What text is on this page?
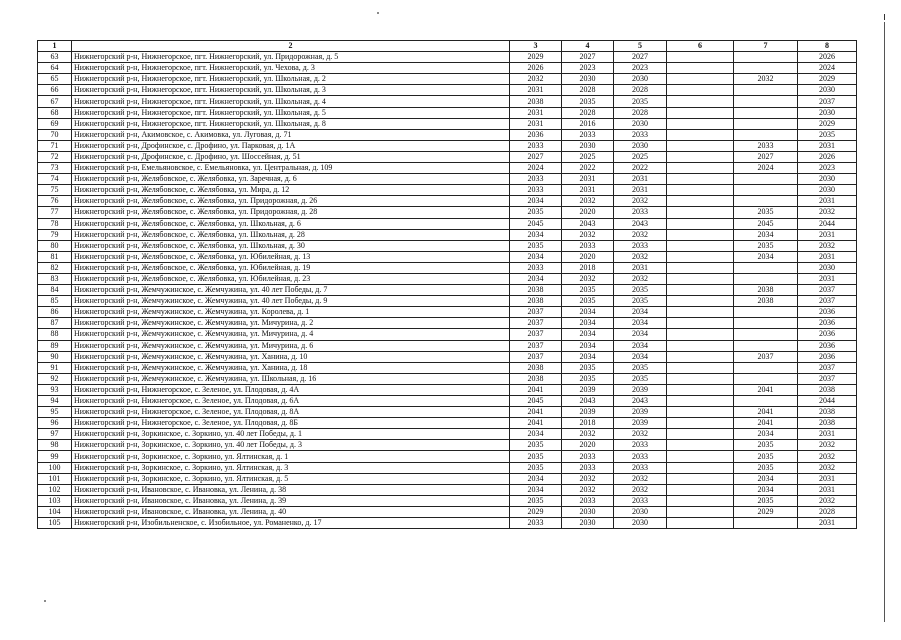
1	2	3	4	5	6	7	8
63	Нижнегорский р-н, Нижнегорское, пгт. Нижнегорский, ул. Придорожная, д. 5	2029	2027	2027			2026
64	Нижнегорский р-н, Нижнегорское, пгт. Нижнегорский, ул. Чехова, д. 3	2026	2023	2023			2024
65	Нижнегорский р-н, Нижнегорское, пгт. Нижнегорский, ул. Школьная, д. 2	2032	2030	2030		2032	2029
66	Нижнегорский р-н, Нижнегорское, пгт. Нижнегорский, ул. Школьная, д. 3	2031	2028	2028			2030
67	Нижнегорский р-н, Нижнегорское, пгт. Нижнегорский, ул. Школьная, д. 4	2038	2035	2035			2037
68	Нижнегорский р-н, Нижнегорское, пгт. Нижнегорский, ул. Школьная, д. 5	2031	2028	2028			2030
69	Нижнегорский р-н, Нижнегорское, пгт. Нижнегорский, ул. Школьная, д. 8	2031	2016	2030			2029
70	Нижнегорский р-н, Акимовское, с. Акимовка, ул. Луговая, д. 71	2036	2033	2033			2035
71	Нижнегорский р-н, Дрофинское, с. Дрофино, ул. Парковая, д. 1А	2033	2030	2030		2033	2031
72	Нижнегорский р-н, Дрофинское, с. Дрофино, ул. Шоссейная, д. 51	2027	2025	2025		2027	2026
73	Нижнегорский р-н, Емельяновское, с. Емельяновка, ул. Центральная, д. 109	2024	2022	2022		2024	2023
74	Нижнегорский р-н, Желябовское, с. Желябовка, ул. Заречная, д. 6	2033	2031	2031			2030
75	Нижнегорский р-н, Желябовское, с. Желябовка, ул. Мира, д. 12	2033	2031	2031			2030
76	Нижнегорский р-н, Желябовское, с. Желябовка, ул. Придорожная, д. 26	2034	2032	2032			2031
77	Нижнегорский р-н, Желябовское, с. Желябовка, ул. Придорожная, д. 28	2035	2020	2033		2035	2032
78	Нижнегорский р-н, Желябовское, с. Желябовка, ул. Школьная, д. 6	2045	2043	2043		2045	2044
79	Нижнегорский р-н, Желябовское, с. Желябовка, ул. Школьная, д. 28	2034	2032	2032		2034	2031
80	Нижнегорский р-н, Желябовское, с. Желябовка, ул. Школьная, д. 30	2035	2033	2033		2035	2032
81	Нижнегорский р-н, Желябовское, с. Желябовка, ул. Юбилейная, д. 13	2034	2020	2032		2034	2031
82	Нижнегорский р-н, Желябовское, с. Желябовка, ул. Юбилейная, д. 19	2033	2018	2031			2030
83	Нижнегорский р-н, Желябовское, с. Желябовка, ул. Юбилейная, д. 23	2034	2032	2032			2031
84	Нижнегорский р-н, Жемчужинское, с. Жемчужина, ул. 40 лет Победы, д. 7	2038	2035	2035		2038	2037
85	Нижнегорский р-н, Жемчужинское, с. Жемчужина, ул. 40 лет Победы, д. 9	2038	2035	2035		2038	2037
86	Нижнегорский р-н, Жемчужинское, с. Жемчужина, ул. Королева, д. 1	2037	2034	2034			2036
87	Нижнегорский р-н, Жемчужинское, с. Жемчужина, ул. Мичурина, д. 2	2037	2034	2034			2036
88	Нижнегорский р-н, Жемчужинское, с. Жемчужина, ул. Мичурина, д. 4	2037	2034	2034			2036
89	Нижнегорский р-н, Жемчужинское, с. Жемчужина, ул. Мичурина, д. 6	2037	2034	2034			2036
90	Нижнегорский р-н, Жемчужинское, с. Жемчужина, ул. Ханина, д. 10	2037	2034	2034		2037	2036
91	Нижнегорский р-н, Жемчужинское, с. Жемчужина, ул. Ханина, д. 18	2038	2035	2035			2037
92	Нижнегорский р-н, Жемчужинское, с. Жемчужина, ул. Школьная, д. 16	2038	2035	2035			2037
93	Нижнегорский р-н, Нижнегорское, с. Зеленое, ул. Плодовая, д. 4А	2041	2039	2039		2041	2038
94	Нижнегорский р-н, Нижнегорское, с. Зеленое, ул. Плодовая, д. 6А	2045	2043	2043			2044
95	Нижнегорский р-н, Нижнегорское, с. Зеленое, ул. Плодовая, д. 8А	2041	2039	2039		2041	2038
96	Нижнегорский р-н, Нижнегорское, с. Зеленое, ул. Плодовая, д. 8Б	2041	2018	2039		2041	2038
97	Нижнегорский р-н, Зоркинское, с. Зоркино, ул. 40 лет Победы, д. 1	2034	2032	2032		2034	2031
98	Нижнегорский р-н, Зоркинское, с. Зоркино, ул. 40 лет Победы, д. 3	2035	2020	2033		2035	2032
99	Нижнегорский р-н, Зоркинское, с. Зоркино, ул. Ялтинская, д. 1	2035	2033	2033		2035	2032
100	Нижнегорский р-н, Зоркинское, с. Зоркино, ул. Ялтинская, д. 3	2035	2033	2033		2035	2032
101	Нижнегорский р-н, Зоркинское, с. Зоркино, ул. Ялтинская, д. 5	2034	2032	2032		2034	2031
102	Нижнегорский р-н, Ивановское, с. Ивановка, ул. Ленина, д. 38	2034	2032	2032		2034	2031
103	Нижнегорский р-н, Ивановское, с. Ивановка, ул. Ленина, д. 39	2035	2033	2033		2035	2032
104	Нижнегорский р-н, Ивановское, с. Ивановка, ул. Ленина, д. 40	2029	2030	2030		2029	2028
105	Нижнегорский р-н, Изобильненское, с. Изобильное, ул. Романенко, д. 17	2033	2030	2030			2031
